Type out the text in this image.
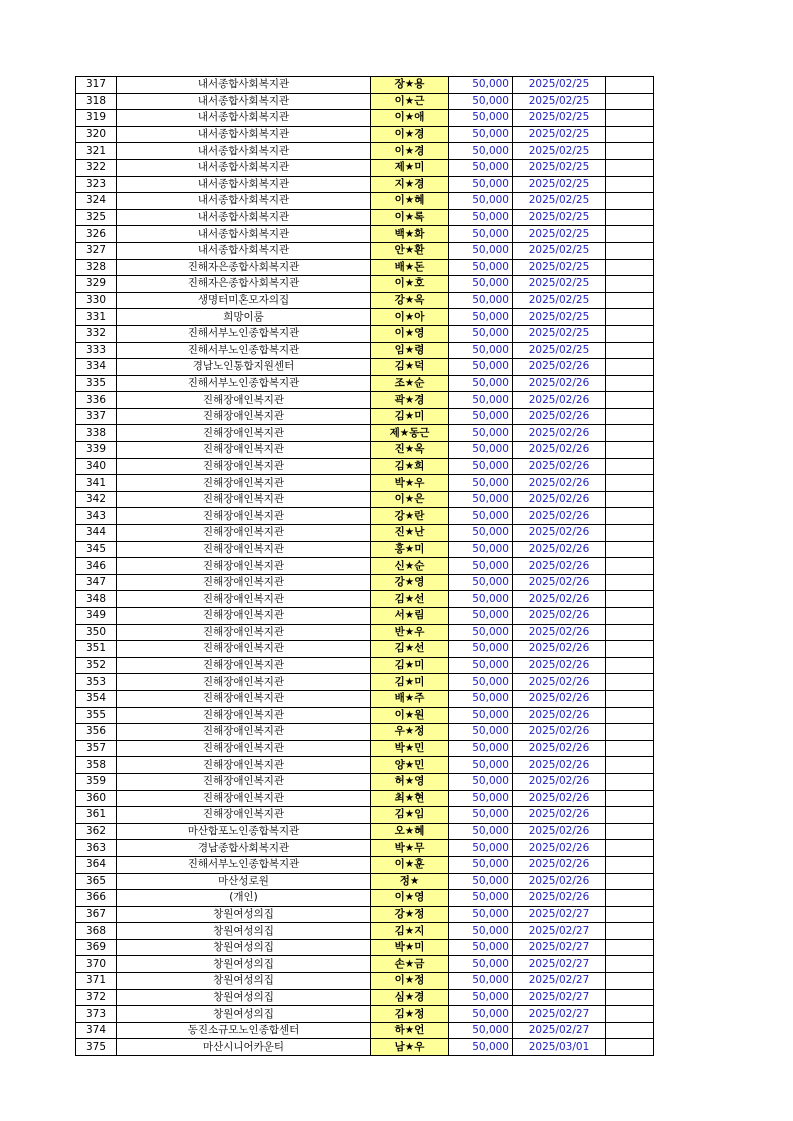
317	내서종합사회복지관	장★용	50,000	2025/02/25	
318	내서종합사회복지관	이★근	50,000	2025/02/25	
319	내서종합사회복지관	이★애	50,000	2025/02/25	
320	내서종합사회복지관	이★경	50,000	2025/02/25	
321	내서종합사회복지관	이★경	50,000	2025/02/25	
322	내서종합사회복지관	제★미	50,000	2025/02/25	
323	내서종합사회복지관	지★경	50,000	2025/02/25	
324	내서종합사회복지관	이★혜	50,000	2025/02/25	
325	내서종합사회복지관	이★록	50,000	2025/02/25	
326	내서종합사회복지관	백★화	50,000	2025/02/25	
327	내서종합사회복지관	안★환	50,000	2025/02/25	
328	진해자은종합사회복지관	배★돈	50,000	2025/02/25	
329	진해자은종합사회복지관	이★호	50,000	2025/02/25	
330	생명터미혼모자의집	강★옥	50,000	2025/02/25	
331	희망이룸	이★아	50,000	2025/02/25	
332	진해서부노인종합복지관	이★영	50,000	2025/02/25	
333	진해서부노인종합복지관	임★령	50,000	2025/02/25	
334	경남노인통합지원센터	김★덕	50,000	2025/02/26	
335	진해서부노인종합복지관	조★순	50,000	2025/02/26	
336	진해장애인복지관	곽★경	50,000	2025/02/26	
337	진해장애인복지관	김★미	50,000	2025/02/26	
338	진해장애인복지관	제★동근	50,000	2025/02/26	
339	진해장애인복지관	진★옥	50,000	2025/02/26	
340	진해장애인복지관	김★희	50,000	2025/02/26	
341	진해장애인복지관	박★우	50,000	2025/02/26	
342	진해장애인복지관	이★은	50,000	2025/02/26	
343	진해장애인복지관	강★란	50,000	2025/02/26	
344	진해장애인복지관	진★난	50,000	2025/02/26	
345	진해장애인복지관	홍★미	50,000	2025/02/26	
346	진해장애인복지관	신★순	50,000	2025/02/26	
347	진해장애인복지관	강★영	50,000	2025/02/26	
348	진해장애인복지관	김★선	50,000	2025/02/26	
349	진해장애인복지관	서★림	50,000	2025/02/26	
350	진해장애인복지관	반★우	50,000	2025/02/26	
351	진해장애인복지관	김★선	50,000	2025/02/26	
352	진해장애인복지관	김★미	50,000	2025/02/26	
353	진해장애인복지관	김★미	50,000	2025/02/26	
354	진해장애인복지관	배★주	50,000	2025/02/26	
355	진해장애인복지관	이★원	50,000	2025/02/26	
356	진해장애인복지관	우★정	50,000	2025/02/26	
357	진해장애인복지관	박★민	50,000	2025/02/26	
358	진해장애인복지관	양★민	50,000	2025/02/26	
359	진해장애인복지관	허★영	50,000	2025/02/26	
360	진해장애인복지관	최★현	50,000	2025/02/26	
361	진해장애인복지관	김★임	50,000	2025/02/26	
362	마산합포노인종합복지관	오★혜	50,000	2025/02/26	
363	경남종합사회복지관	박★무	50,000	2025/02/26	
364	진해서부노인종합복지관	이★훈	50,000	2025/02/26	
365	마산성로원	정★	50,000	2025/02/26	
366	(개인)	이★영	50,000	2025/02/26	
367	창원여성의집	강★정	50,000	2025/02/27	
368	창원여성의집	김★지	50,000	2025/02/27	
369	창원여성의집	박★미	50,000	2025/02/27	
370	창원여성의집	손★금	50,000	2025/02/27	
371	창원여성의집	이★정	50,000	2025/02/27	
372	창원여성의집	심★경	50,000	2025/02/27	
373	창원여성의집	김★정	50,000	2025/02/27	
374	동진소규모노인종합센터	하★언	50,000	2025/02/27	
375	마산시니어카운티	남★우	50,000	2025/03/01	
